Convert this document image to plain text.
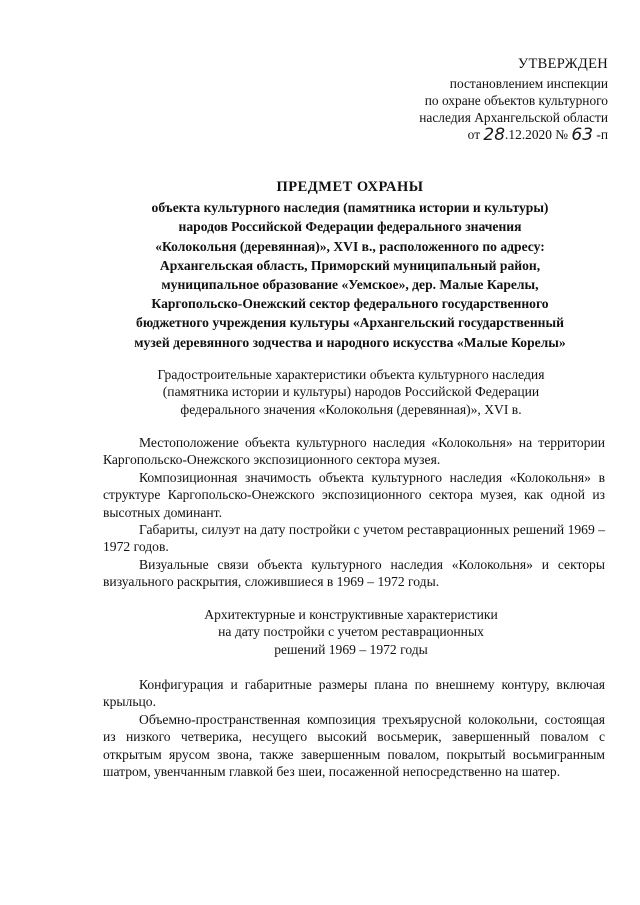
УТВЕРЖДЕН
постановлением инспекции
по охране объектов культурного
наследия Архангельской области
от 28.12.2020 № 63 -п
ПРЕДМЕТ ОХРАНЫ
объекта культурного наследия (памятника истории и культуры)
народов Российской Федерации федерального значения
«Колокольня (деревянная)», XVI в., расположенного по адресу:
Архангельская область, Приморский муниципальный район,
муниципальное образование «Уемское», дер. Малые Карелы,
Каргопольско-Онежский сектор федерального государственного
бюджетного учреждения культуры «Архангельский государственный
музей деревянного зодчества и народного искусства «Малые Корелы»
Градостроительные характеристики объекта культурного наследия
(памятника истории и культуры) народов Российской Федерации
федерального значения «Колокольня (деревянная)», XVI в.
Местоположение объекта культурного наследия «Колокольня» на территории Каргопольско-Онежского экспозиционного сектора музея.
Композиционная значимость объекта культурного наследия «Колокольня» в структуре Каргопольско-Онежского экспозиционного сектора музея, как одной из высотных доминант.
Габариты, силуэт на дату постройки с учетом реставрационных решений 1969 – 1972 годов.
Визуальные связи объекта культурного наследия «Колокольня» и секторы визуального раскрытия, сложившиеся в 1969 – 1972 годы.
Архитектурные и конструктивные характеристики
на дату постройки с учетом реставрационных
решений 1969 – 1972 годы
Конфигурация и габаритные размеры плана по внешнему контуру, включая крыльцо.
Объемно-пространственная композиция трехъярусной колокольни, состоящая из низкого четверика, несущего высокий восьмерик, завершенный повалом с открытым ярусом звона, также завершенным повалом, покрытый восьмигранным шатром, увенчанным главкой без шеи, посаженной непосредственно на шатер.
